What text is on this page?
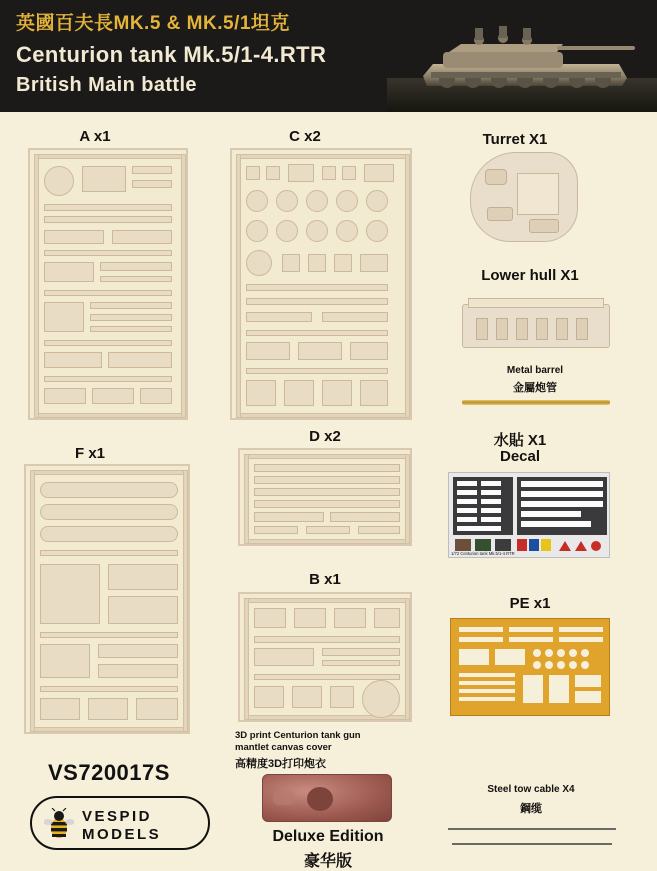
英國百夫長MK.5 & MK.5/1坦克
Centurion tank Mk.5/1-4.RTR
British Main battle
A x1	C x2	Turret X1
Lower hull X1
F x1
D x2
B x1
水貼 X1
Decal
PE x1
Metal barrel
金屬炮管
1/72 Centurion tank Mk.5/1-4.RTR
3D print Centurion tank gun
mantlet canvas cover
高精度3D打印炮衣
Deluxe Edition
豪华版
Steel tow cable X4
鋼缆
VS720017S
VESPID
MODELS
